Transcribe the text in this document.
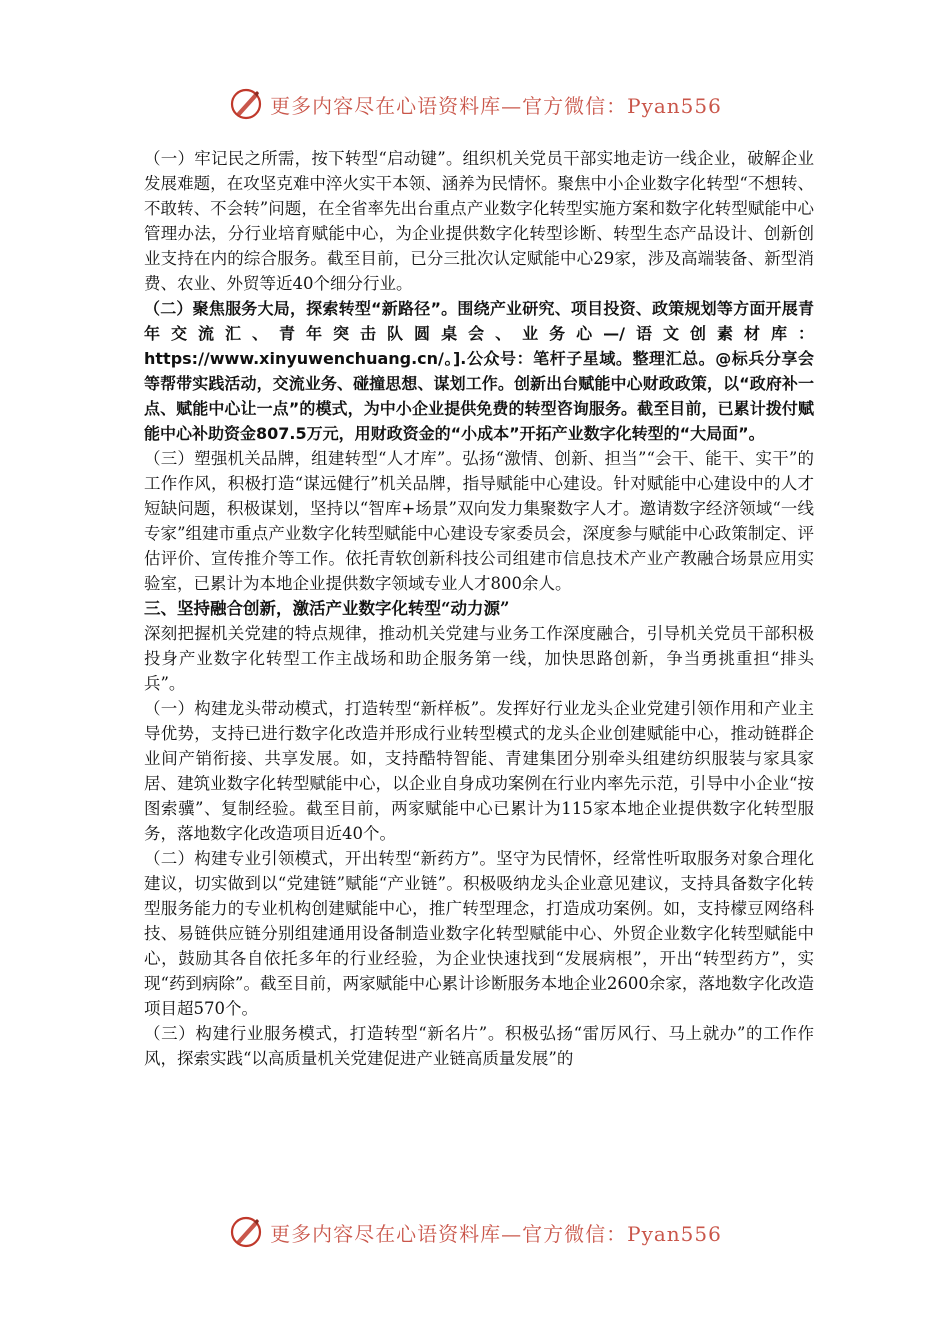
更多内容尽在心语资料库—官方微信：Pyan556

（一）牢记民之所需，按下转型“启动键”。组织机关党员干部实地走访一线企业，破解企业发展难题，在攻坚克难中淬火实干本领、涵养为民情怀。聚焦中小企业数字化转型“不想转、不敢转、不会转”问题，在全省率先出台重点产业数字化转型实施方案和数字化转型赋能中心管理办法，分行业培育赋能中心，为企业提供数字化转型诊断、转型生态产品设计、创新创业支持在内的综合服务。截至目前，已分三批次认定赋能中心29家，涉及高端装备、新型消费、农业、外贸等近40个细分行业。

（二）聚焦服务大局，探索转型“新路径”。围绕产业研究、项目投资、政策规划等方面开展青年交流汇、青年突击队圆桌会、业务心—/语文创素材库：https://www.xinyuwenchuang.cn/。].公众号：笔杆子星域。整理汇总。@标兵分享会等帮带实践活动，交流业务、碰撞思想、谋划工作。创新出台赋能中心财政政策，以“政府补一点、赋能中心让一点”的模式，为中小企业提供免费的转型咨询服务。截至目前，已累计拨付赋能中心补助资金807.5万元，用财政资金的“小成本”开拓产业数字化转型的“大局面”。

（三）塑强机关品牌，组建转型“人才库”。弘扬“激情、创新、担当”“会干、能干、实干”的工作作风，积极打造“谋远健行”机关品牌，指导赋能中心建设。针对赋能中心建设中的人才短缺问题，积极谋划，坚持以“智库+场景”双向发力集聚数字人才。邀请数字经济领域“一线专家”组建市重点产业数字化转型赋能中心建设专家委员会，深度参与赋能中心政策制定、评估评价、宣传推介等工作。依托青软创新科技公司组建市信息技术产业产教融合场景应用实验室，已累计为本地企业提供数字领域专业人才800余人。

三、坚持融合创新，激活产业数字化转型“动力源”

深刻把握机关党建的特点规律，推动机关党建与业务工作深度融合，引导机关党员干部积极投身产业数字化转型工作主战场和助企服务第一线，加快思路创新，争当勇挑重担“排头兵”。

（一）构建龙头带动模式，打造转型“新样板”。发挥好行业龙头企业党建引领作用和产业主导优势，支持已进行数字化改造并形成行业转型模式的龙头企业创建赋能中心，推动链群企业间产销衔接、共享发展。如，支持酷特智能、青建集团分别牵头组建纺织服装与家具家居、建筑业数字化转型赋能中心，以企业自身成功案例在行业内率先示范，引导中小企业“按图索骥”、复制经验。截至目前，两家赋能中心已累计为115家本地企业提供数字化转型服务，落地数字化改造项目近40个。

（二）构建专业引领模式，开出转型“新药方”。坚守为民情怀，经常性听取服务对象合理化建议，切实做到以“党建链”赋能“产业链”。积极吸纳龙头企业意见建议，支持具备数字化转型服务能力的专业机构创建赋能中心，推广转型理念，打造成功案例。如，支持檬豆网络科技、易链供应链分别组建通用设备制造业数字化转型赋能中心、外贸企业数字化转型赋能中心，鼓励其各自依托多年的行业经验，为企业快速找到“发展病根”，开出“转型药方”，实现“药到病除”。截至目前，两家赋能中心累计诊断服务本地企业2600余家，落地数字化改造项目超570个。

（三）构建行业服务模式，打造转型“新名片”。积极弘扬“雷厉风行、马上就办”的工作作风，探索实践“以高质量机关党建促进产业链高质量发展”的

更多内容尽在心语资料库—官方微信：Pyan556
